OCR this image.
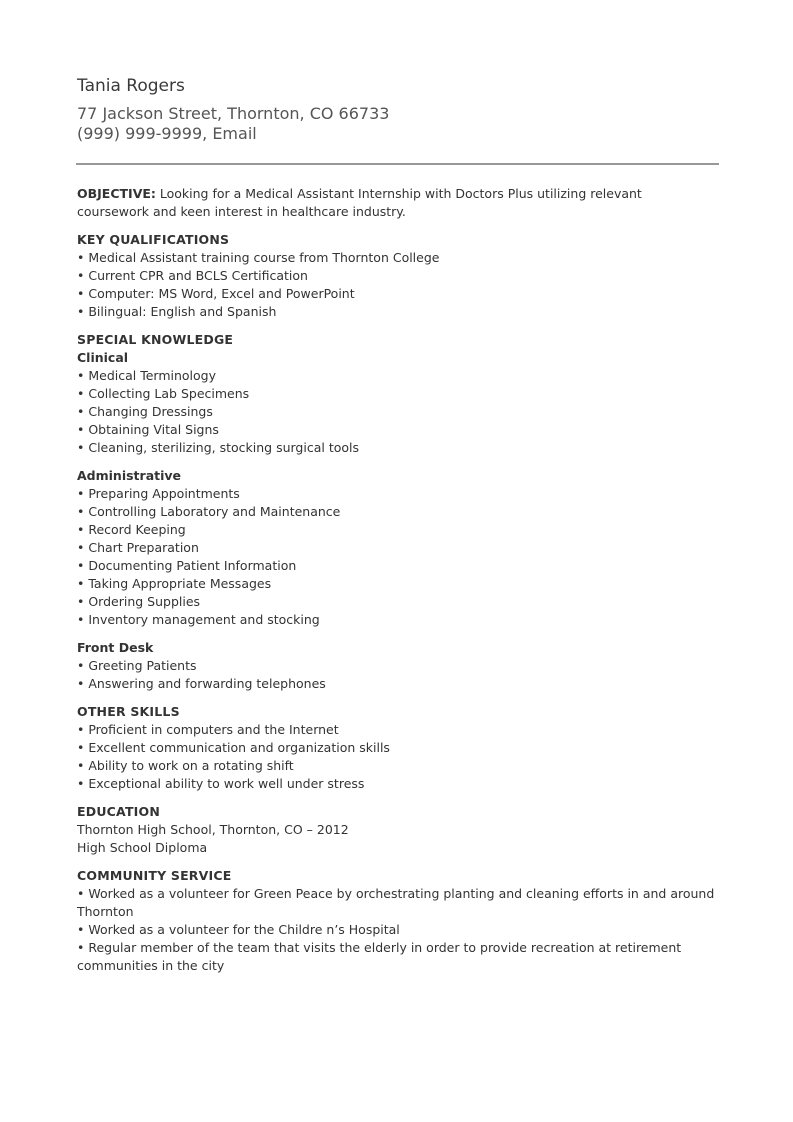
Tania Rogers
77 Jackson Street, Thornton, CO 66733
(999) 999-9999, Email
OBJECTIVE: Looking for a Medical Assistant Internship with Doctors Plus utilizing relevant coursework and keen interest in healthcare industry.
KEY QUALIFICATIONS
• Medical Assistant training course from Thornton College
• Current CPR and BCLS Certification
• Computer: MS Word, Excel and PowerPoint
• Bilingual: English and Spanish
SPECIAL KNOWLEDGE
Clinical
• Medical Terminology
• Collecting Lab Specimens
• Changing Dressings
• Obtaining Vital Signs
• Cleaning, sterilizing, stocking surgical tools
Administrative
• Preparing Appointments
• Controlling Laboratory and Maintenance
• Record Keeping
• Chart Preparation
• Documenting Patient Information
• Taking Appropriate Messages
• Ordering Supplies
• Inventory management and stocking
Front Desk
• Greeting Patients
• Answering and forwarding telephones
OTHER SKILLS
• Proficient in computers and the Internet
• Excellent communication and organization skills
• Ability to work on a rotating shift
• Exceptional ability to work well under stress
EDUCATION
Thornton High School, Thornton, CO – 2012
High School Diploma
COMMUNITY SERVICE
• Worked as a volunteer for Green Peace by orchestrating planting and cleaning efforts in and around Thornton
• Worked as a volunteer for the Childre n’s Hospital
• Regular member of the team that visits the elderly in order to provide recreation at retirement communities in the city
